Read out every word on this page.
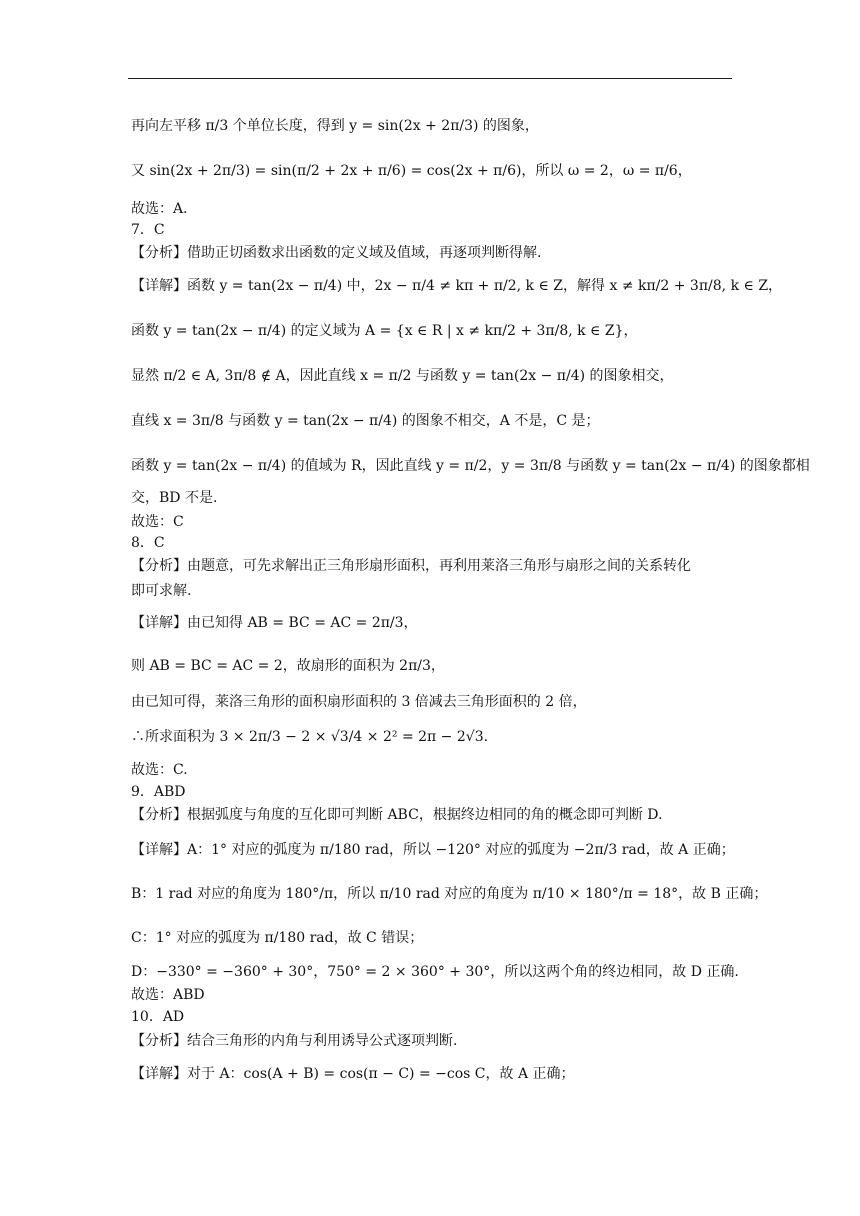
再向左平移 π/3 个单位长度，得到 y = sin(2x + 2π/3) 的图象，
又 sin(2x + 2π/3) = sin(π/2 + 2x + π/6) = cos(2x + π/6)，所以 ω = 2，ω = π/6，
故选：A．
7．C
【分析】借助正切函数求出函数的定义域及值域，再逐项判断得解.
【详解】函数 y = tan(2x − π/4) 中，2x − π/4 ≠ kπ + π/2, k ∈ Z，解得 x ≠ kπ/2 + 3π/8, k ∈ Z，
函数 y = tan(2x − π/4) 的定义域为 A = {x ∈ R | x ≠ kπ/2 + 3π/8, k ∈ Z}，
显然 π/2 ∈ A, 3π/8 ∉ A，因此直线 x = π/2 与函数 y = tan(2x − π/4) 的图象相交，
直线 x = 3π/8 与函数 y = tan(2x − π/4) 的图象不相交，A 不是，C 是；
函数 y = tan(2x − π/4) 的值域为 R，因此直线 y = π/2，y = 3π/8 与函数 y = tan(2x − π/4) 的图象都相
交，BD 不是.
故选：C
8．C
【分析】由题意，可先求解出正三角形扇形面积，再利用莱洛三角形与扇形之间的关系转化
即可求解.
【详解】由已知得 AB = BC = AC = 2π/3，
则 AB = BC = AC = 2，故扇形的面积为 2π/3，
由已知可得，莱洛三角形的面积扇形面积的 3 倍减去三角形面积的 2 倍，
∴所求面积为 3 × 2π/3 − 2 × √3/4 × 2² = 2π − 2√3．
故选：C.
9．ABD
【分析】根据弧度与角度的互化即可判断 ABC，根据终边相同的角的概念即可判断 D.
【详解】A：1° 对应的弧度为 π/180 rad，所以 −120° 对应的弧度为 −2π/3 rad，故 A 正确；
B：1 rad 对应的角度为 180°/π，所以 π/10 rad 对应的角度为 π/10 × 180°/π = 18°，故 B 正确；
C：1° 对应的弧度为 π/180 rad，故 C 错误；
D：−330° = −360° + 30°，750° = 2 × 360° + 30°，所以这两个角的终边相同，故 D 正确.
故选：ABD
10．AD
【分析】结合三角形的内角与利用诱导公式逐项判断.
【详解】对于 A：cos(A + B) = cos(π − C) = −cos C，故 A 正确；
